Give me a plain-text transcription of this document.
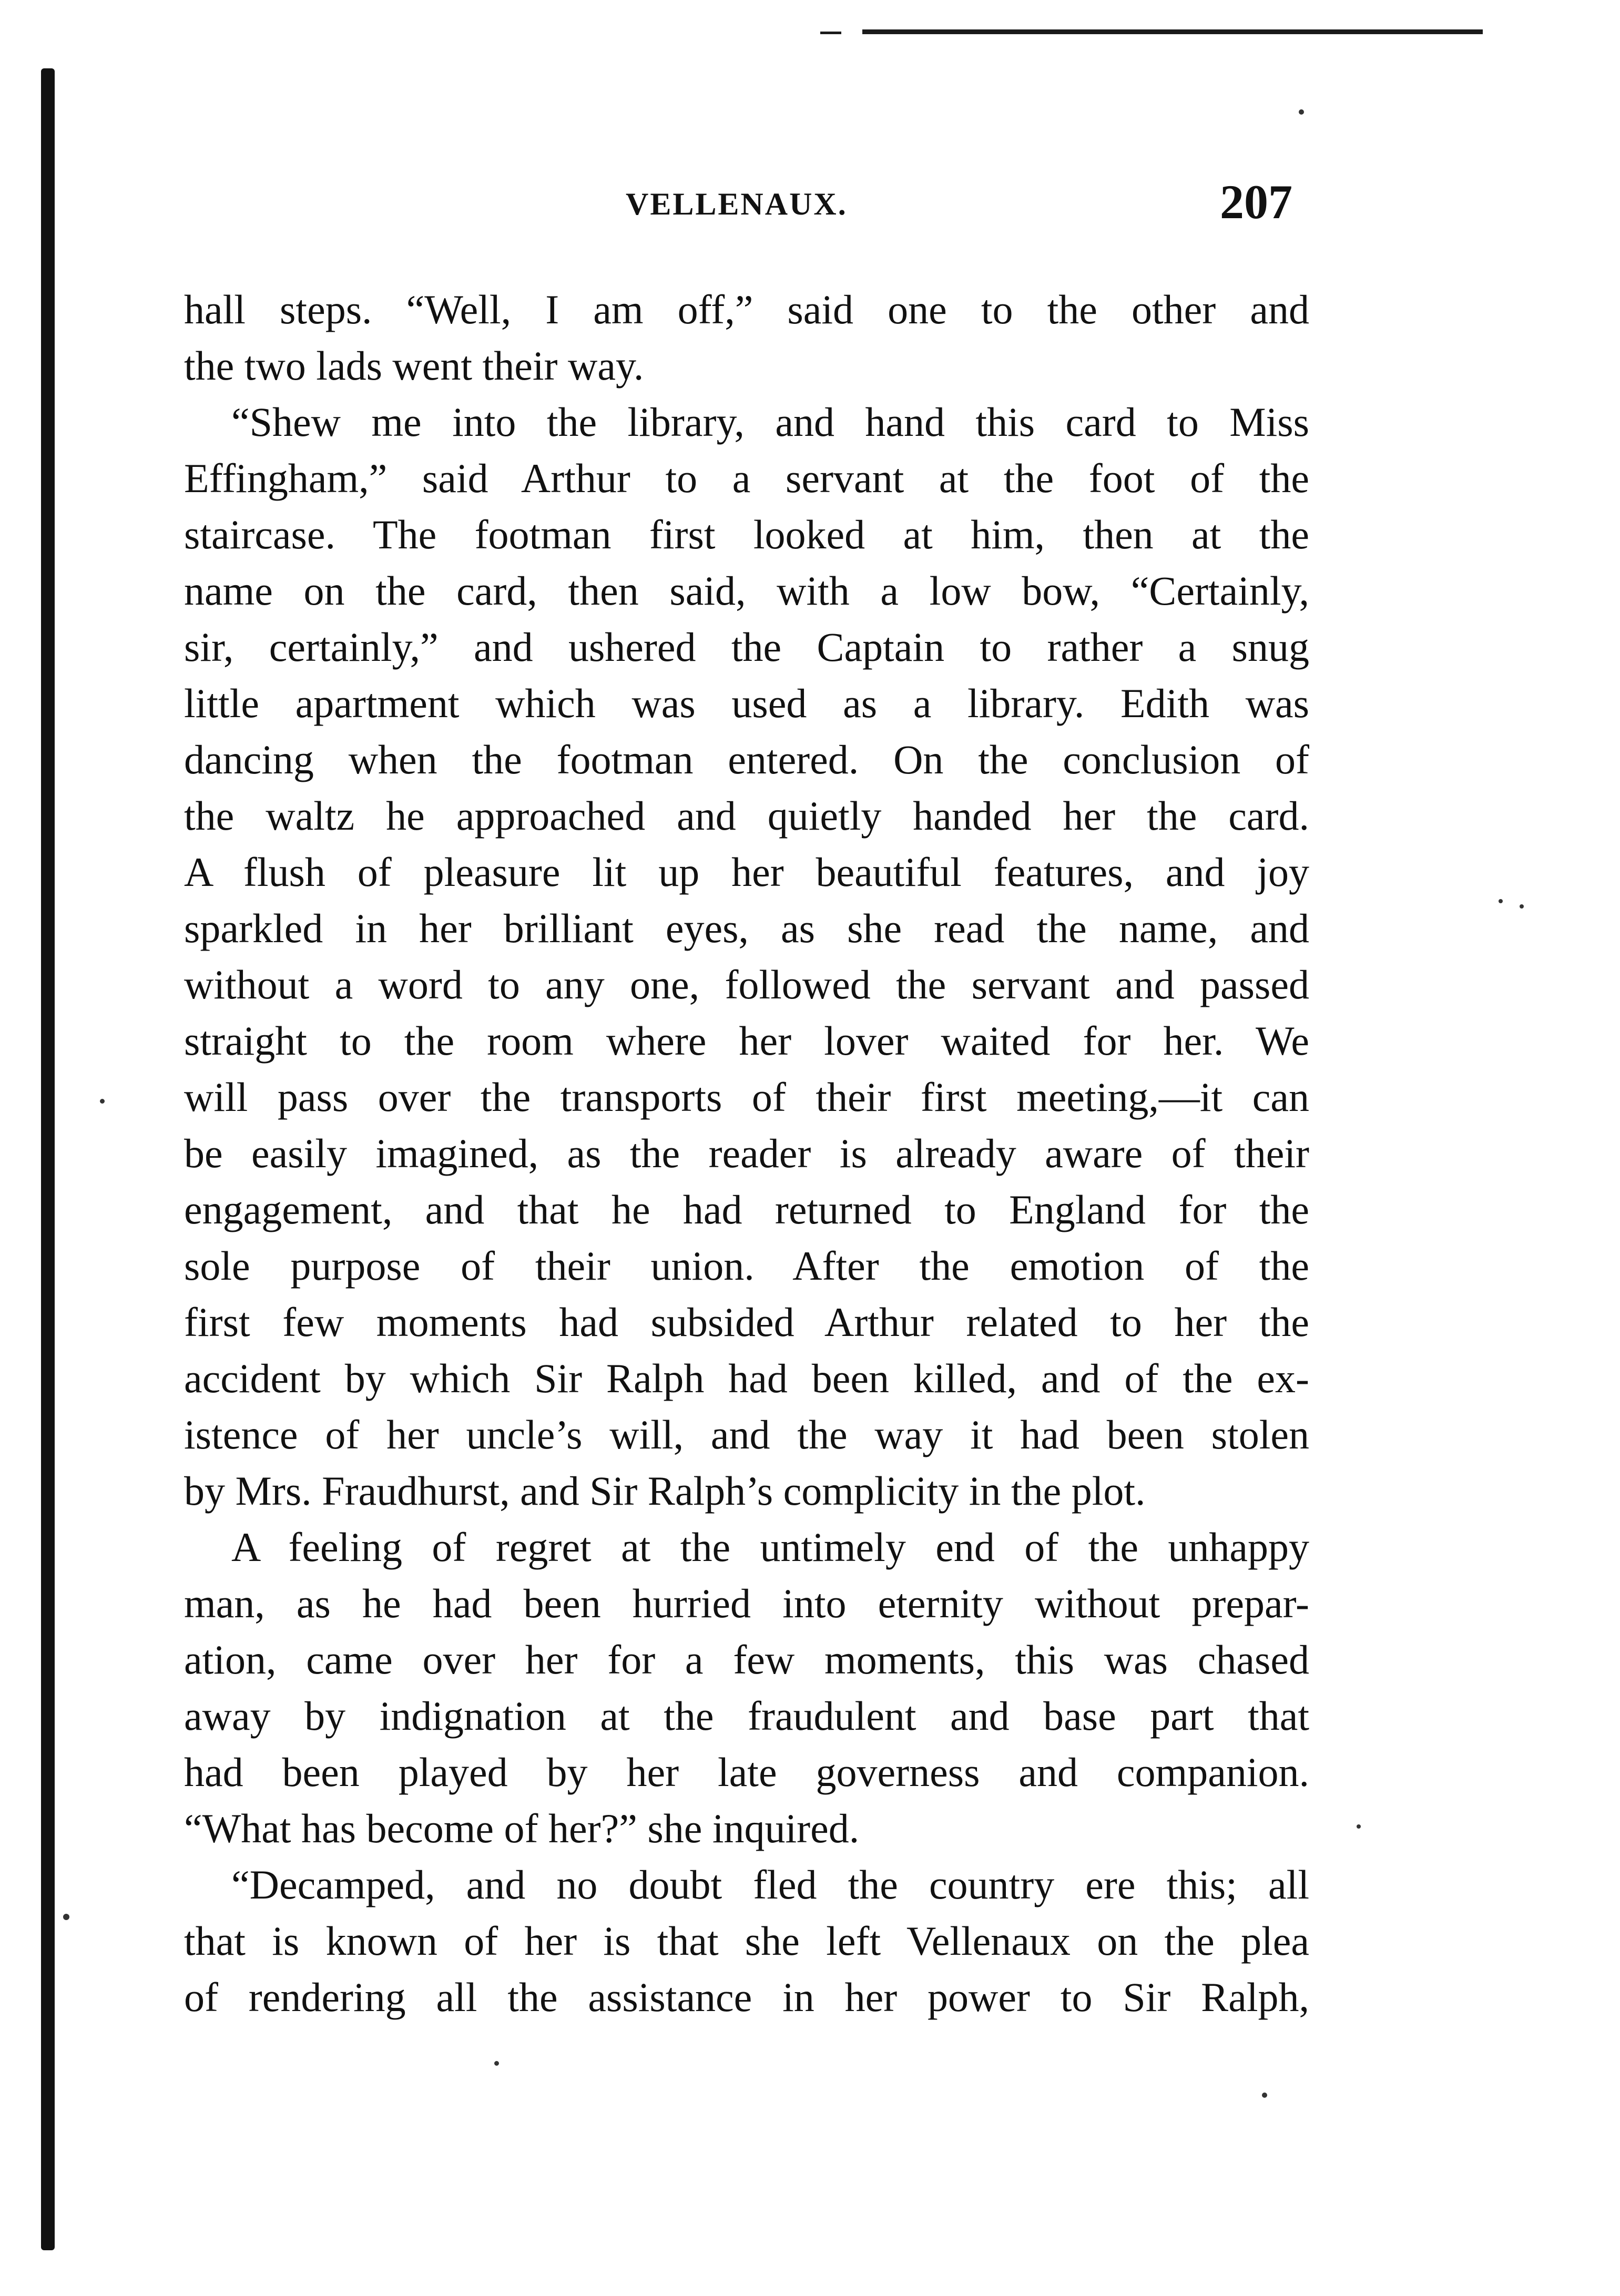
VELLENAUX.	207
hall steps. “Well, I am off,” said one to the other and
the two lads went their way.
“Shew me into the library, and hand this card to Miss
Effingham,” said Arthur to a servant at the foot of the
staircase. The footman first looked at him, then at the
name on the card, then said, with a low bow, “Certainly,
sir, certainly,” and ushered the Captain to rather a snug
little apartment which was used as a library. Edith was
dancing when the footman entered. On the conclusion of
the waltz he approached and quietly handed her the card.
A flush of pleasure lit up her beautiful features, and joy
sparkled in her brilliant eyes, as she read the name, and
without a word to any one, followed the servant and passed
straight to the room where her lover waited for her. We
will pass over the transports of their first meeting,—it can
be easily imagined, as the reader is already aware of their
engagement, and that he had returned to England for the
sole purpose of their union. After the emotion of the
first few moments had subsided Arthur related to her the
accident by which Sir Ralph had been killed, and of the ex-
istence of her uncle’s will, and the way it had been stolen
by Mrs. Fraudhurst, and Sir Ralph’s complicity in the plot.
A feeling of regret at the untimely end of the unhappy
man, as he had been hurried into eternity without prepar-
ation, came over her for a few moments, this was chased
away by indignation at the fraudulent and base part that
had been played by her late governess and companion.
“What has become of her?” she inquired.
“Decamped, and no doubt fled the country ere this; all
that is known of her is that she left Vellenaux on the plea
of rendering all the assistance in her power to Sir Ralph,
